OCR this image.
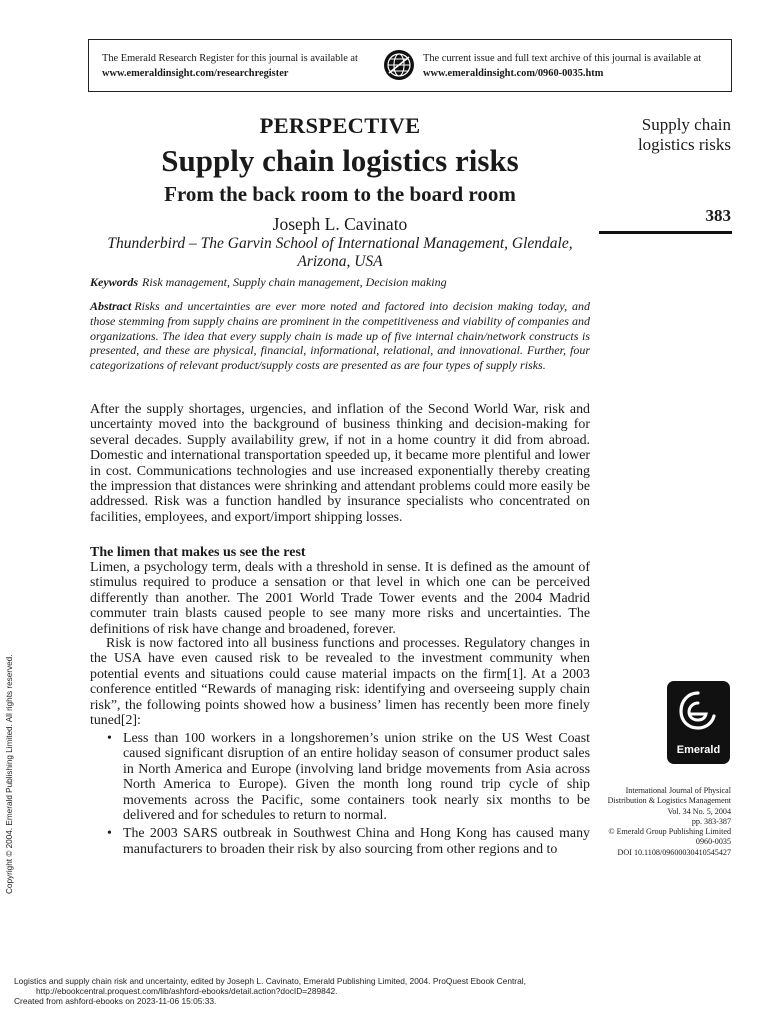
The Emerald Research Register for this journal is available at
www.emeraldinsight.com/researchregister
The current issue and full text archive of this journal is available at
www.emeraldinsight.com/0960-0035.htm
PERSPECTIVE
Supply chain logistics risks
From the back room to the board room
Joseph L. Cavinato
Thunderbird – The Garvin School of International Management, Glendale,
Arizona, USA
Keywords Risk management, Supply chain management, Decision making
Abstract Risks and uncertainties are ever more noted and factored into decision making today, and those stemming from supply chains are prominent in the competitiveness and viability of companies and organizations. The idea that every supply chain is made up of five internal chain/network constructs is presented, and these are physical, financial, informational, relational, and innovational. Further, four categorizations of relevant product/supply costs are presented as are four types of supply risks.
After the supply shortages, urgencies, and inflation of the Second World War, risk and uncertainty moved into the background of business thinking and decision-making for several decades. Supply availability grew, if not in a home country it did from abroad. Domestic and international transportation speeded up, it became more plentiful and lower in cost. Communications technologies and use increased exponentially thereby creating the impression that distances were shrinking and attendant problems could more easily be addressed. Risk was a function handled by insurance specialists who concentrated on facilities, employees, and export/import shipping losses.
The limen that makes us see the rest
Limen, a psychology term, deals with a threshold in sense. It is defined as the amount of stimulus required to produce a sensation or that level in which one can be perceived differently than another. The 2001 World Trade Tower events and the 2004 Madrid commuter train blasts caused people to see many more risks and uncertainties. The definitions of risk have change and broadened, forever.
Risk is now factored into all business functions and processes. Regulatory changes in the USA have even caused risk to be revealed to the investment community when potential events and situations could cause material impacts on the firm[1]. At a 2003 conference entitled “Rewards of managing risk: identifying and overseeing supply chain risk”, the following points showed how a business’ limen has recently been more finely tuned[2]:
• Less than 100 workers in a longshoremen’s union strike on the US West Coast caused significant disruption of an entire holiday season of consumer product sales in North America and Europe (involving land bridge movements from Asia across North America to Europe). Given the month long round trip cycle of ship movements across the Pacific, some containers took nearly six months to be delivered and for schedules to return to normal.
• The 2003 SARS outbreak in Southwest China and Hong Kong has caused many manufacturers to broaden their risk by also sourcing from other regions and to
Supply chain
logistics risks
383
Emerald
International Journal of Physical
Distribution & Logistics Management
Vol. 34 No. 5, 2004
pp. 383-387
© Emerald Group Publishing Limited
0960-0035
DOI 10.1108/09600030410545427
Copyright © 2004. Emerald Publishing Limited. All rights reserved.
Logistics and supply chain risk and uncertainty, edited by Joseph L. Cavinato, Emerald Publishing Limited, 2004. ProQuest Ebook Central,
http://ebookcentral.proquest.com/lib/ashford-ebooks/detail.action?docID=289842.
Created from ashford-ebooks on 2023-11-06 15:05:33.
